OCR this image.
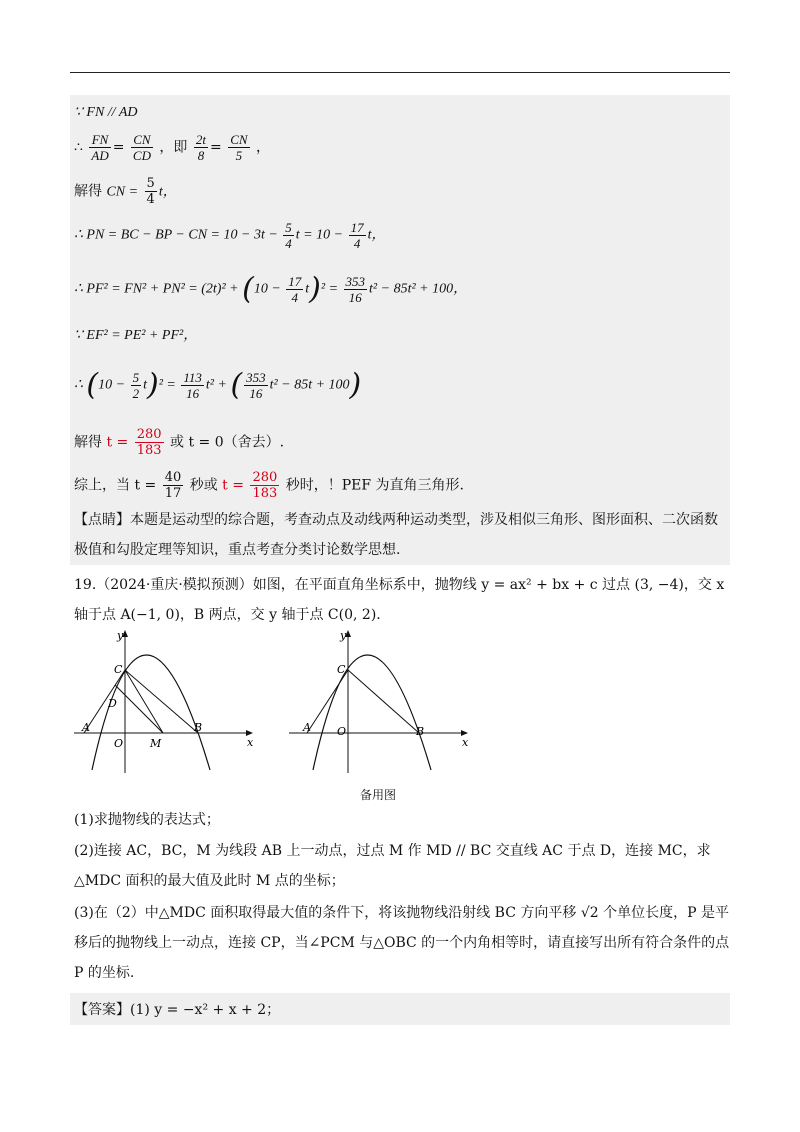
∵ FN // AD
∴ $\frac{FN}{AD} = \frac{CN}{CD}$ ，即 $\frac{2t}{8} = \frac{CN}{5}$ ，
解得 CN = $\frac{5}{4}$ t，
∴ PN = BC − BP − CN = $10 - 3t - \frac{5}{4}$ $t = 10 - \frac{17}{4}$ t，
∴ $PF^2 = FN^2 + PN^2 = (2t)^2 + (10 - \frac{17}{4} t)^2 = \frac{353}{16} t^2 - 85t^2 + 100$，
∵ EF² = PE² + PF²，
∴ $(10 - \frac{5}{2} t)^2 = \frac{113}{16} t^2$ + ( $\frac{353}{16} t^2 - 85t + 100$)
解得 $t = \frac{280}{183}$ 或 t = 0（舍去）.
综上，当 $t = \frac{40}{17}$ 秒或 $t = \frac{280}{183}$ 秒时，！PEF 为直角三角形.
【点睛】本题是运动型的综合题，考查动点及动线两种运动类型，涉及相似三角形、图形面积、二次函数极值和勾股定理等知识，重点考查分类讨论数学思想.
19.（2024·重庆·模拟预测）如图，在平面直角坐标系中，抛物线 y = ax² + bx + c 过点 (3, −4)，交 x 轴于点 A(−1, 0)，B 两点，交 y 轴于点 C(0, 2).
y
x
C
D
A
O M
B
y
x
C
A O	B
备用图
(1)求抛物线的表达式；
(2)连接 AC，BC，M 为线段 AB 上一动点，过点 M 作 MD // BC 交直线 AC 于点 D，连接 MC，求△MDC 面积的最大值及此时 M 点的坐标；
(3)在（2）中△MDC 面积取得最大值的条件下，将该抛物线沿射线 BC 方向平移 √2 个单位长度，P 是平移后的抛物线上一动点，连接 CP，当∠PCM 与△OBC 的一个内角相等时，请直接写出所有符合条件的点 P 的坐标.
【答案】(1) y = −x² + x + 2；
